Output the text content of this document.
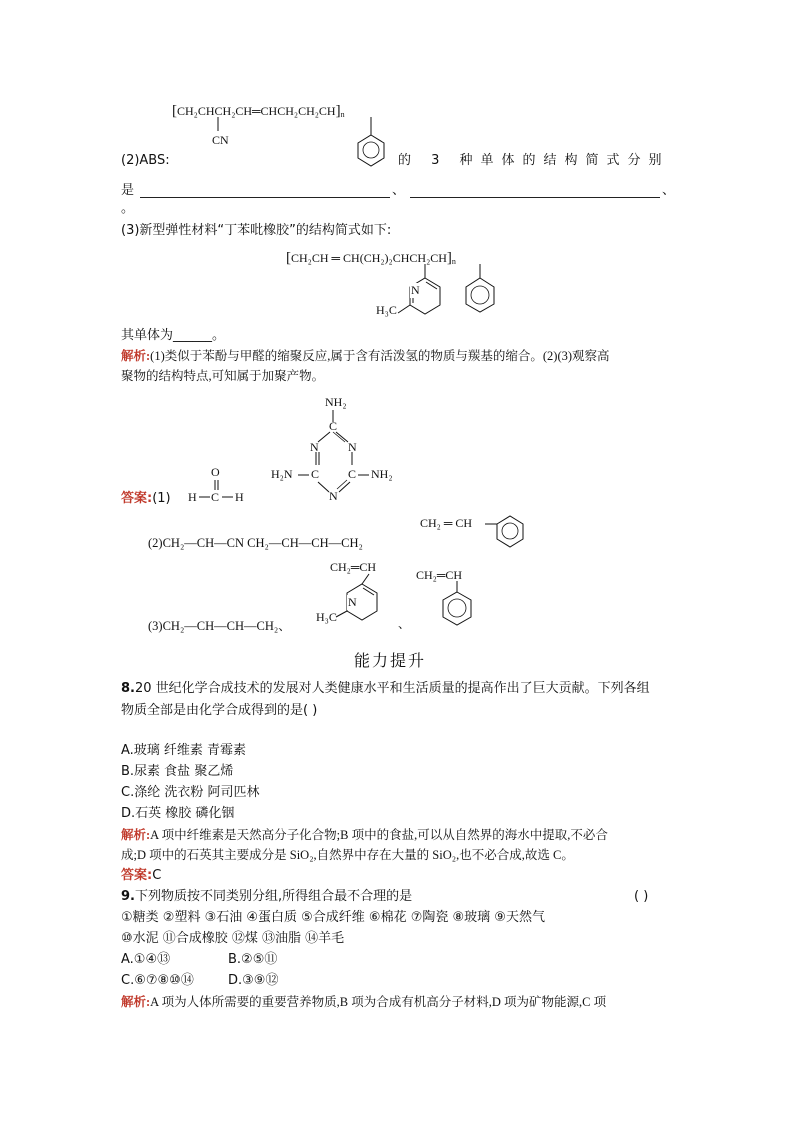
$[CH_2CHCH_2CH═CHCH_2CH_2CH]_n$
CN
(2)ABS:	的 3 种单体的结构简式分别
是	、	、
。
(3)新型弹性材料“丁苯吡橡胶”的结构简式如下:
[CH₂CH ═ $CH(CH_2)_2CHCH_2CH]_n$
N
H₃C
其单体为______。
解析:(1)类似于苯酚与甲醛的缩聚反应,属于含有活泼氢的物质与羰基的缩合。(2)(3)观察高
聚物的结构特点,可知属于加聚产物。
答案:(1)
O
H C H
NH₂
C
N N
H₂N C C NH₂
N
CH₂ ═ CH
(2)CH₂—CH—CN CH₂—CH—CH—CH₂
CH₂═CH
N
H₃C	、
CH₂═CH
(3)CH₂—CH—CH—CH₂、
能力提升
8.20 世纪化学合成技术的发展对人类健康水平和生活质量的提高作出了巨大贡献。下列各组
物质全部是由化学合成得到的是( )
A.玻璃 纤维素 青霉素
B.尿素 食盐 聚乙烯
C.涤纶 洗衣粉 阿司匹林
D.石英 橡胶 磷化铟
解析:A 项中纤维素是天然高分子化合物;B 项中的食盐,可以从自然界的海水中提取,不必合
成;D 项中的石英其主要成分是 SiO₂,自然界中存在大量的 SiO₂,也不必合成,故选 C。
答案:C
9.下列物质按不同类别分组,所得组合最不合理的是	( )
①糖类 ②塑料 ③石油 ④蛋白质 ⑤合成纤维 ⑥棉花 ⑦陶瓷 ⑧玻璃 ⑨天然气
⑩水泥 ⑪合成橡胶 ⑫煤 ⑬油脂 ⑭羊毛
A.①④⑬	B.②⑤⑪
C.⑥⑦⑧⑩⑭	D.③⑨⑫
解析:A 项为人体所需要的重要营养物质,B 项为合成有机高分子材料,D 项为矿物能源,C 项
